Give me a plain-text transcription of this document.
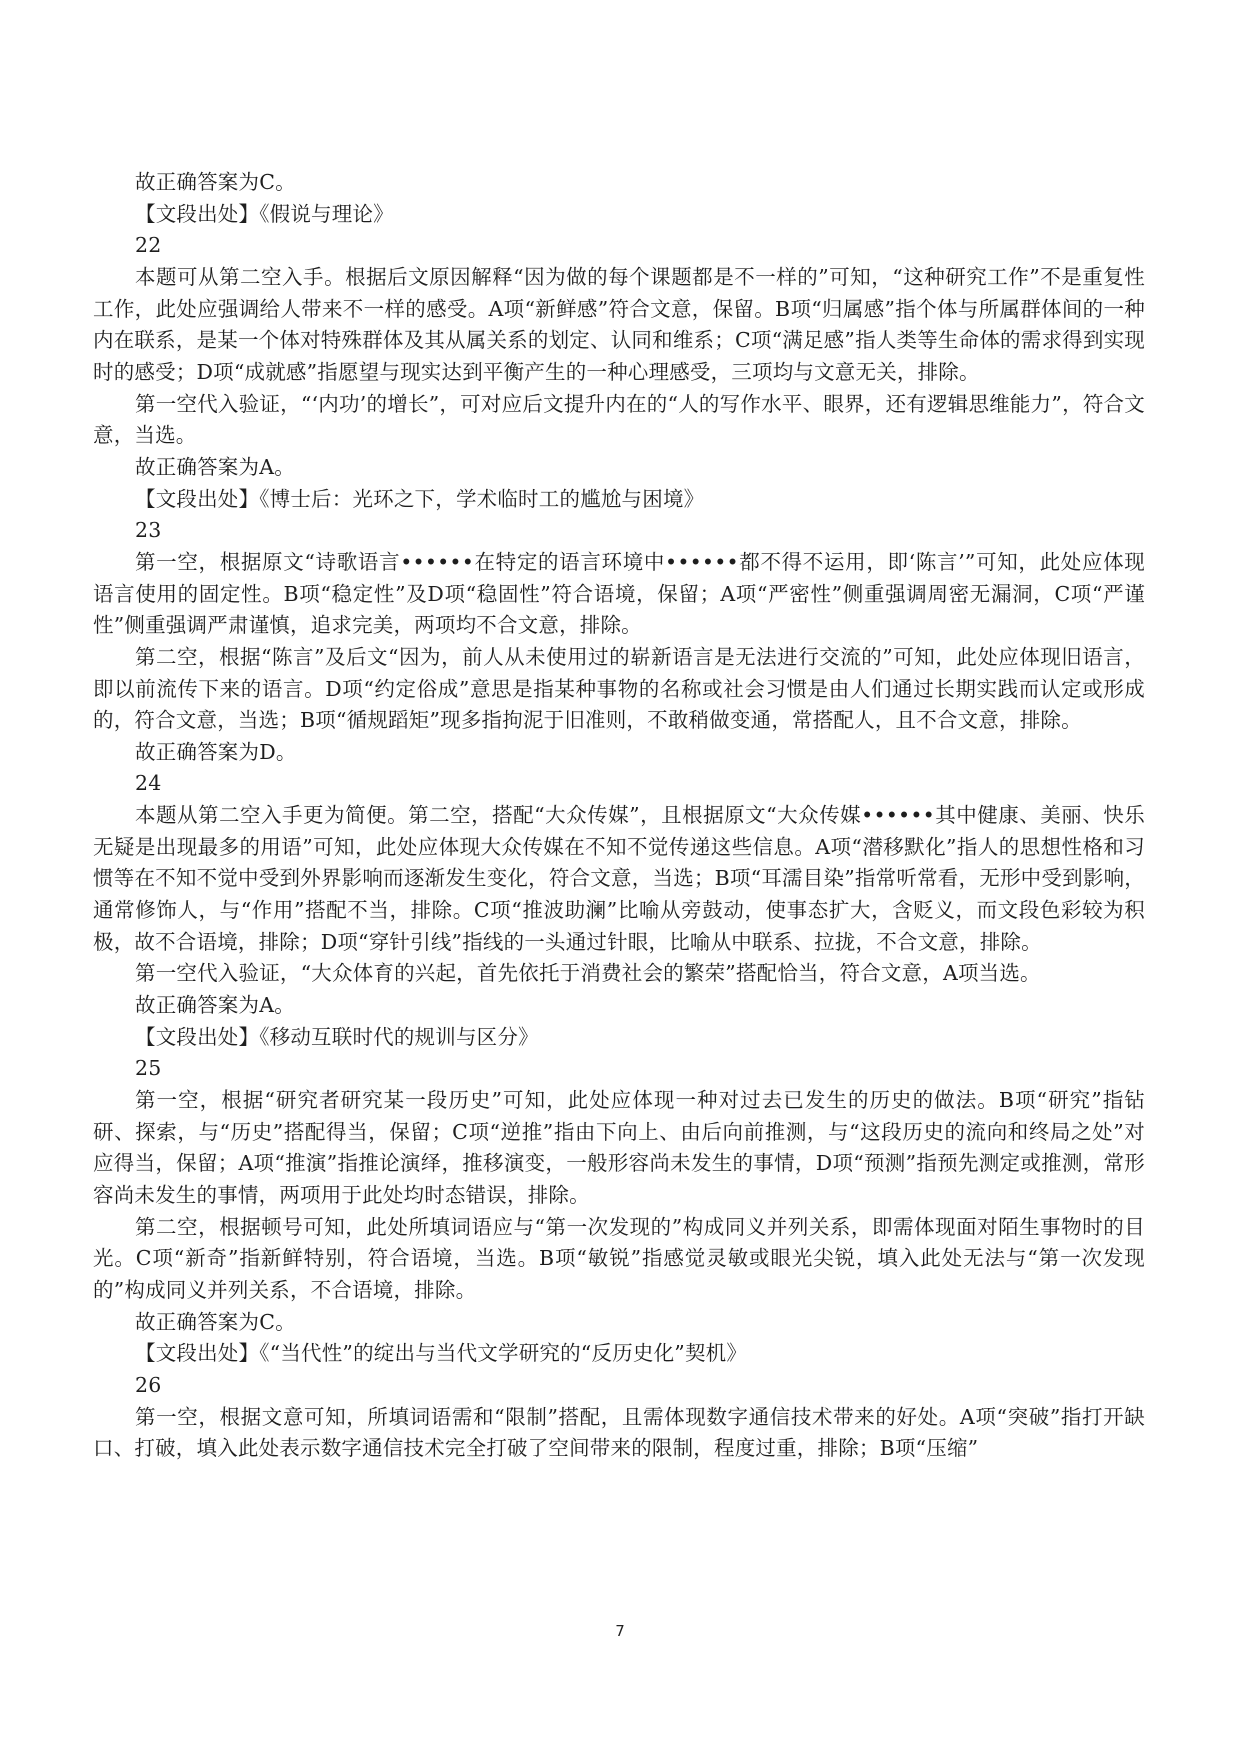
故正确答案为C。

【文段出处】《假说与理论》

22

本题可从第二空入手。根据后文原因解释“因为做的每个课题都是不一样的”可知，“这种研究工作”不是重复性工作，此处应强调给人带来不一样的感受。A项“新鲜感”符合文意，保留。B项“归属感”指个体与所属群体间的一种内在联系，是某一个体对特殊群体及其从属关系的划定、认同和维系；C项“满足感”指人类等生命体的需求得到实现时的感受；D项“成就感”指愿望与现实达到平衡产生的一种心理感受，三项均与文意无关，排除。

第一空代入验证，“‘内功’的增长”，可对应后文提升内在的“人的写作水平、眼界，还有逻辑思维能力”，符合文意，当选。

故正确答案为A。

【文段出处】《博士后：光环之下，学术临时工的尴尬与困境》

23

第一空，根据原文“诗歌语言••••••在特定的语言环境中••••••都不得不运用，即‘陈言’”可知，此处应体现语言使用的固定性。B项“稳定性”及D项“稳固性”符合语境，保留；A项“严密性”侧重强调周密无漏洞，C项“严谨性”侧重强调严肃谨慎，追求完美，两项均不合文意，排除。

第二空，根据“陈言”及后文“因为，前人从未使用过的崭新语言是无法进行交流的”可知，此处应体现旧语言，即以前流传下来的语言。D项“约定俗成”意思是指某种事物的名称或社会习惯是由人们通过长期实践而认定或形成的，符合文意，当选；B项“循规蹈矩”现多指拘泥于旧准则，不敢稍做变通，常搭配人，且不合文意，排除。

故正确答案为D。

24

本题从第二空入手更为简便。第二空，搭配“大众传媒”，且根据原文“大众传媒••••••其中健康、美丽、快乐无疑是出现最多的用语”可知，此处应体现大众传媒在不知不觉传递这些信息。A项“潜移默化”指人的思想性格和习惯等在不知不觉中受到外界影响而逐渐发生变化，符合文意，当选；B项“耳濡目染”指常听常看，无形中受到影响，通常修饰人，与“作用”搭配不当，排除。C项“推波助澜”比喻从旁鼓动，使事态扩大，含贬义，而文段色彩较为积极，故不合语境，排除；D项“穿针引线”指线的一头通过针眼，比喻从中联系、拉拢，不合文意，排除。

第一空代入验证，“大众体育的兴起，首先依托于消费社会的繁荣”搭配恰当，符合文意，A项当选。

故正确答案为A。

【文段出处】《移动互联时代的规训与区分》

25

第一空，根据“研究者研究某一段历史”可知，此处应体现一种对过去已发生的历史的做法。B项“研究”指钻研、探索，与“历史”搭配得当，保留；C项“逆推”指由下向上、由后向前推测，与“这段历史的流向和终局之处”对应得当，保留；A项“推演”指推论演绎，推移演变，一般形容尚未发生的事情，D项“预测”指预先测定或推测，常形容尚未发生的事情，两项用于此处均时态错误，排除。

第二空，根据顿号可知，此处所填词语应与“第一次发现的”构成同义并列关系，即需体现面对陌生事物时的目光。C项“新奇”指新鲜特别，符合语境，当选。B项“敏锐”指感觉灵敏或眼光尖锐，填入此处无法与“第一次发现的”构成同义并列关系，不合语境，排除。

故正确答案为C。

【文段出处】《“当代性”的绽出与当代文学研究的“反历史化”契机》

26

第一空，根据文意可知，所填词语需和“限制”搭配，且需体现数字通信技术带来的好处。A项“突破”指打开缺口、打破，填入此处表示数字通信技术完全打破了空间带来的限制，程度过重，排除；B项“压缩”

7
